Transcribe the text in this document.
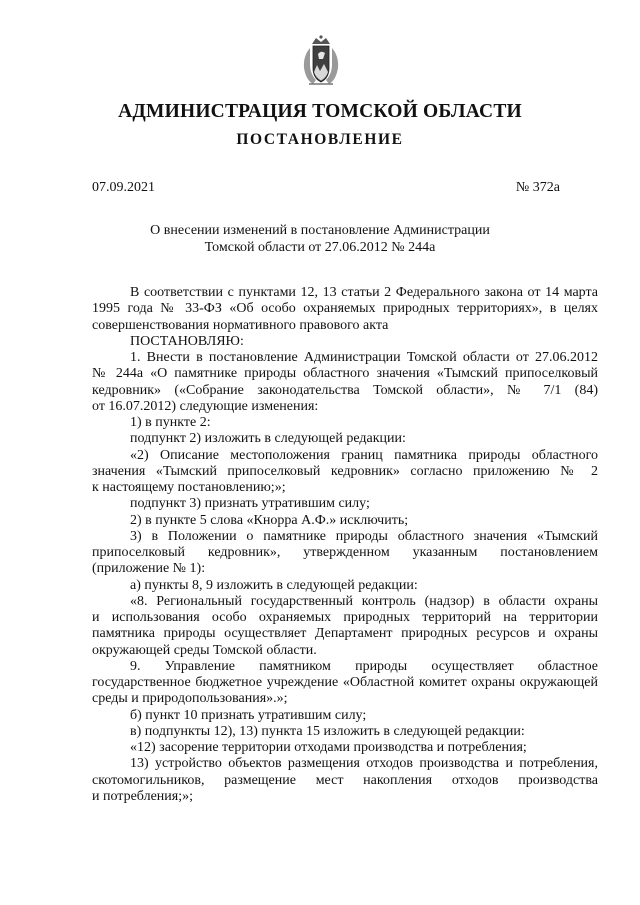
АДМИНИСТРАЦИЯ ТОМСКОЙ ОБЛАСТИ
ПОСТАНОВЛЕНИЕ
07.09.2021	№ 372а
О внесении изменений в постановление Администрации
Томской области от 27.06.2012 № 244а
В соответствии с пунктами 12, 13 статьи 2 Федерального закона от 14 марта
1995 года № 33-ФЗ «Об особо охраняемых природных территориях», в целях
совершенствования нормативного правового акта
ПОСТАНОВЛЯЮ:
1. Внести в постановление Администрации Томской области от 27.06.2012
№ 244а «О памятнике природы областного значения «Тымский припоселковый
кедровник» («Собрание законодательства Томской области», № 7/1 (84)
от 16.07.2012) следующие изменения:
1) в пункте 2:
подпункт 2) изложить в следующей редакции:
«2) Описание местоположения границ памятника природы областного
значения «Тымский припоселковый кедровник» согласно приложению № 2
к настоящему постановлению;»;
подпункт 3) признать утратившим силу;
2) в пункте 5 слова «Кнорра А.Ф.» исключить;
3) в Положении о памятнике природы областного значения «Тымский
припоселковый кедровник», утвержденном указанным постановлением
(приложение № 1):
а) пункты 8, 9 изложить в следующей редакции:
«8. Региональный государственный контроль (надзор) в области охраны
и использования особо охраняемых природных территорий на территории
памятника природы осуществляет Департамент природных ресурсов и охраны
окружающей среды Томской области.
9. Управление памятником природы осуществляет областное
государственное бюджетное учреждение «Областной комитет охраны окружающей
среды и природопользования».»;
б) пункт 10 признать утратившим силу;
в) подпункты 12), 13) пункта 15 изложить в следующей редакции:
«12) засорение территории отходами производства и потребления;
13) устройство объектов размещения отходов производства и потребления,
скотомогильников, размещение мест накопления отходов производства
и потребления;»;
